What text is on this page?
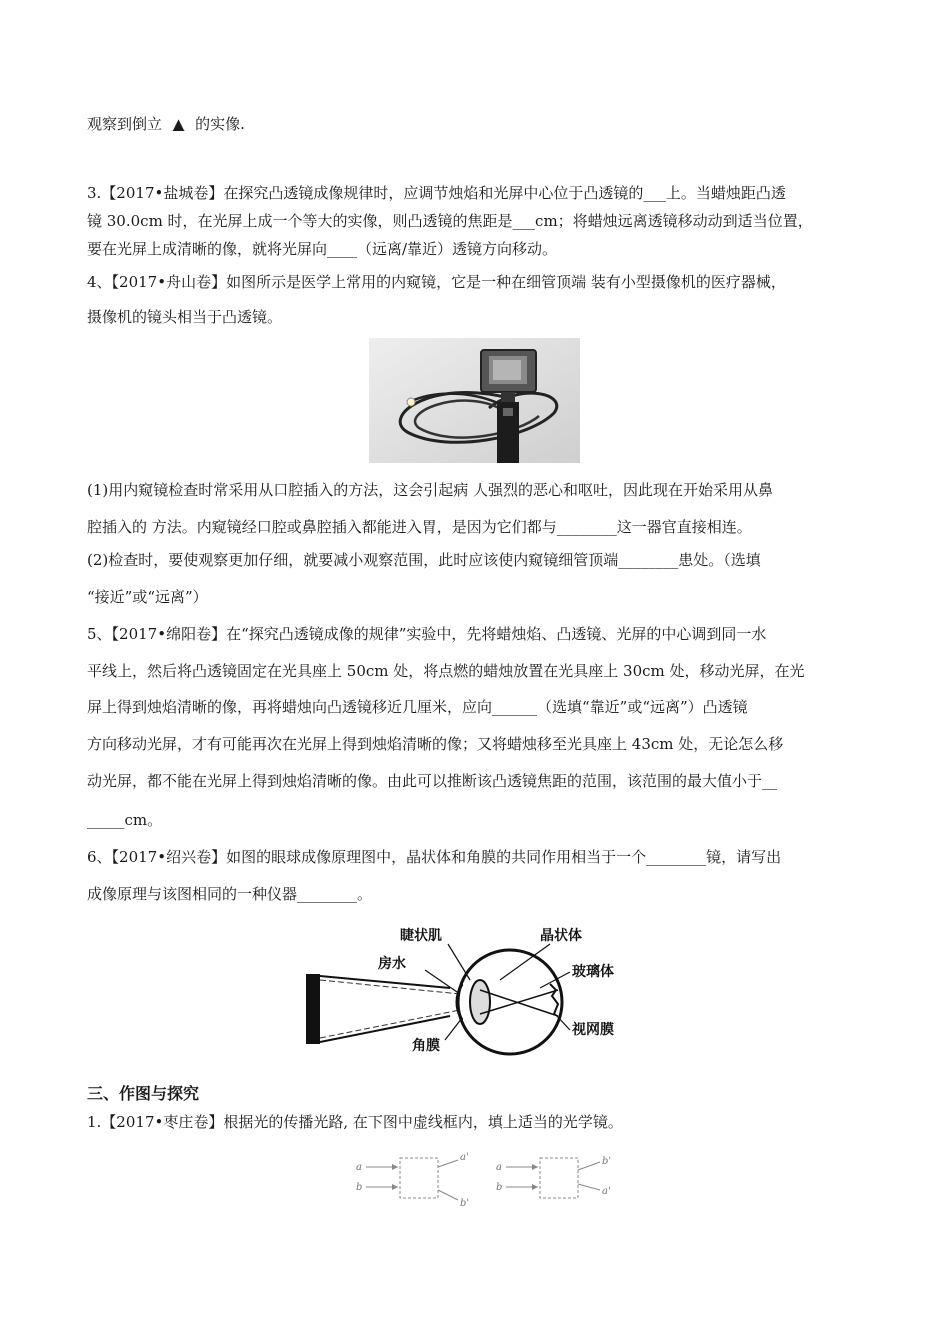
观察到倒立 ▲ 的实像.
3.【2017•盐城卷】在探究凸透镜成像规律时，应调节烛焰和光屏中心位于凸透镜的___上。当蜡烛距凸透
镜 30.0cm 时，在光屏上成一个等大的实像，则凸透镜的焦距是___cm；将蜡烛远离透镜移动动到适当位置，
要在光屏上成清晰的像，就将光屏向____（远离/靠近）透镜方向移动。
4、【2017•舟山卷】如图所示是医学上常用的内窥镜，它是一种在细管顶端 装有小型摄像机的医疗器械，
摄像机的镜头相当于凸透镜。
(1)用内窥镜检查时常采用从口腔插入的方法，这会引起病 人强烈的恶心和呕吐，因此现在开始采用从鼻
腔插入的 方法。内窥镜经口腔或鼻腔插入都能进入胃，是因为它们都与________这一器官直接相连。
(2)检查时，要使观察更加仔细，就要减小观察范围，此时应该使内窥镜细管顶端________患处。（选填
“接近”或“远离”）
5、【2017•绵阳卷】在“探究凸透镜成像的规律”实验中，先将蜡烛焰、凸透镜、光屏的中心调到同一水
平线上，然后将凸透镜固定在光具座上 50cm 处，将点燃的蜡烛放置在光具座上 30cm 处，移动光屏，在光
屏上得到烛焰清晰的像，再将蜡烛向凸透镜移近几厘米，应向______（选填“靠近”或“远离”）凸透镜
方向移动光屏，才有可能再次在光屏上得到烛焰清晰的像；又将蜡烛移至光具座上 43cm 处，无论怎么移
动光屏，都不能在光屏上得到烛焰清晰的像。由此可以推断该凸透镜焦距的范围，该范围的最大值小于__
_____cm。
6、【2017•绍兴卷】如图的眼球成像原理图中，晶状体和角膜的共同作用相当于一个________镜，请写出
成像原理与该图相同的一种仪器________。
睫状肌	晶状体
房水	玻璃体
视网膜
角膜
三、作图与探究
1.【2017•枣庄卷】根据光的传播光路, 在下图中虚线框内，填上适当的光学镜。
a
b
a'
b'
a
b
b'
a'
